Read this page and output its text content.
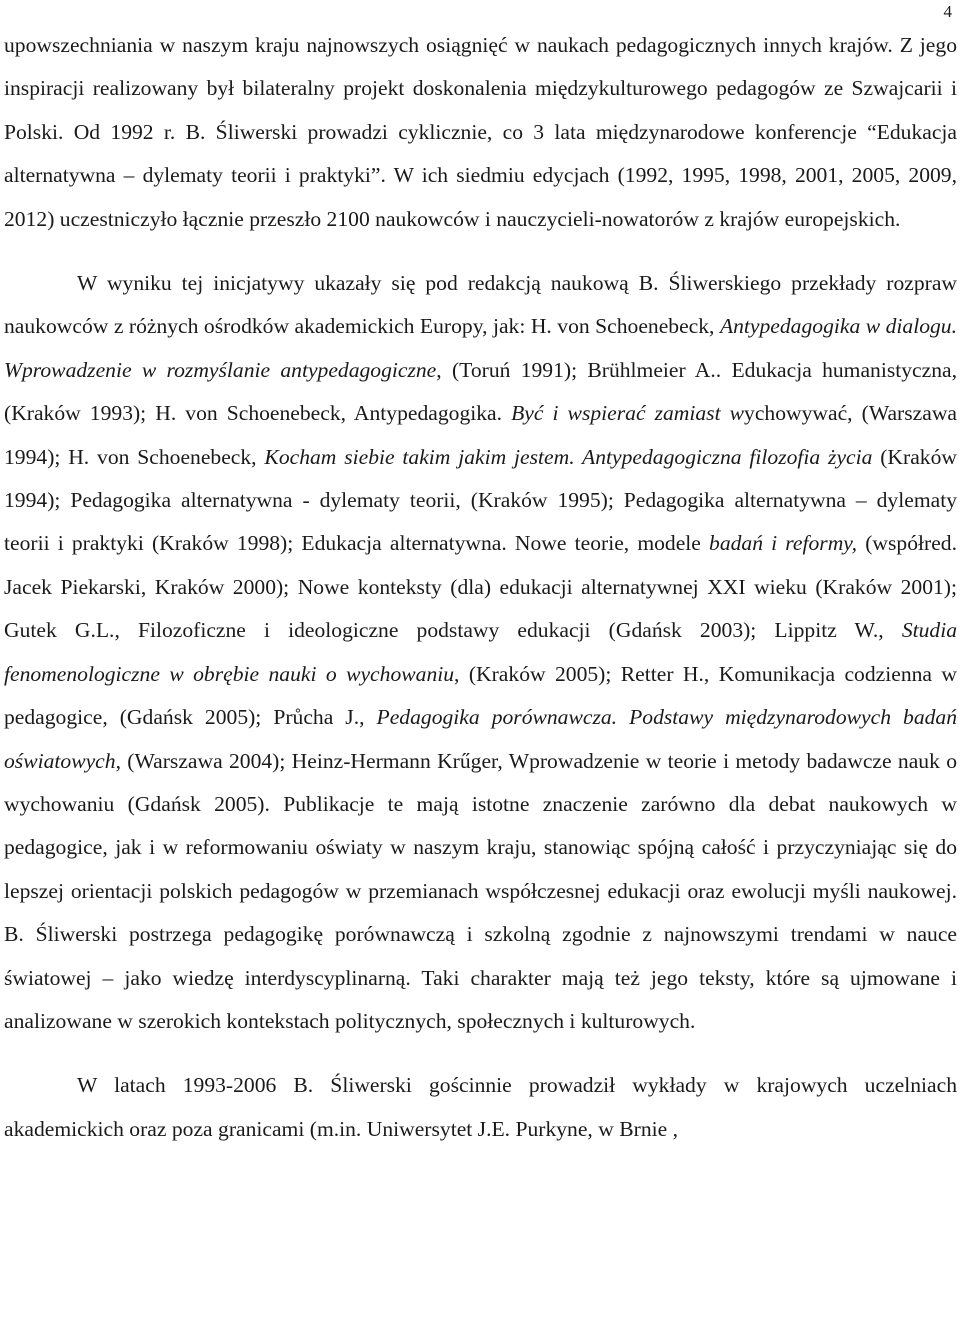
4

upowszechniania w naszym kraju najnowszych osiągnięć w naukach pedagogicznych innych krajów. Z jego inspiracji realizowany był bilateralny projekt doskonalenia międzykulturowego pedagogów ze Szwajcarii i Polski. Od 1992 r. B. Śliwerski prowadzi cyklicznie, co 3 lata międzynarodowe konferencje “Edukacja alternatywna – dylematy teorii i praktyki”. W ich siedmiu edycjach (1992, 1995, 1998, 2001, 2005, 2009, 2012) uczestniczyło łącznie przeszło 2100 naukowców i nauczycieli-nowatorów z krajów europejskich.

W wyniku tej inicjatywy ukazały się pod redakcją naukową B. Śliwerskiego przekłady rozpraw naukowców z różnych ośrodków akademickich Europy, jak: H. von Schoenebeck, Antypedagogika w dialogu. Wprowadzenie w rozmyślanie antypedagogiczne, (Toruń 1991); Brühlmeier A.. Edukacja humanistyczna, (Kraków 1993); H. von Schoenebeck, Antypedagogika. Być i wspierać zamiast wychowywać, (Warszawa 1994); H. von Schoenebeck, Kocham siebie takim jakim jestem. Antypedagogiczna filozofia życia (Kraków 1994); Pedagogika alternatywna - dylematy teorii, (Kraków 1995); Pedagogika alternatywna – dylematy teorii i praktyki (Kraków 1998); Edukacja alternatywna. Nowe teorie, modele badań i reformy, (współred. Jacek Piekarski, Kraków 2000); Nowe konteksty (dla) edukacji alternatywnej XXI wieku (Kraków 2001); Gutek G.L., Filozoficzne i ideologiczne podstawy edukacji (Gdańsk 2003); Lippitz W., Studia fenomenologiczne w obrębie nauki o wychowaniu, (Kraków 2005); Retter H., Komunikacja codzienna w pedagogice, (Gdańsk 2005); Průcha J., Pedagogika porównawcza. Podstawy międzynarodowych badań oświatowych, (Warszawa 2004); Heinz-Hermann Krűger, Wprowadzenie w teorie i metody badawcze nauk o wychowaniu (Gdańsk 2005). Publikacje te mają istotne znaczenie zarówno dla debat naukowych w pedagogice, jak i w reformowaniu oświaty w naszym kraju, stanowiąc spójną całość i przyczyniając się do lepszej orientacji polskich pedagogów w przemianach współczesnej edukacji oraz ewolucji myśli naukowej. B. Śliwerski postrzega pedagogikę porównawczą i szkolną zgodnie z najnowszymi trendami w nauce światowej – jako wiedzę interdyscyplinarną. Taki charakter mają też jego teksty, które są ujmowane i analizowane w szerokich kontekstach politycznych, społecznych i kulturowych.

W latach 1993-2006 B. Śliwerski gościnnie prowadził wykłady w krajowych uczelniach akademickich oraz poza granicami (m.in. Uniwersytet J.E. Purkyne, w Brnie ,
